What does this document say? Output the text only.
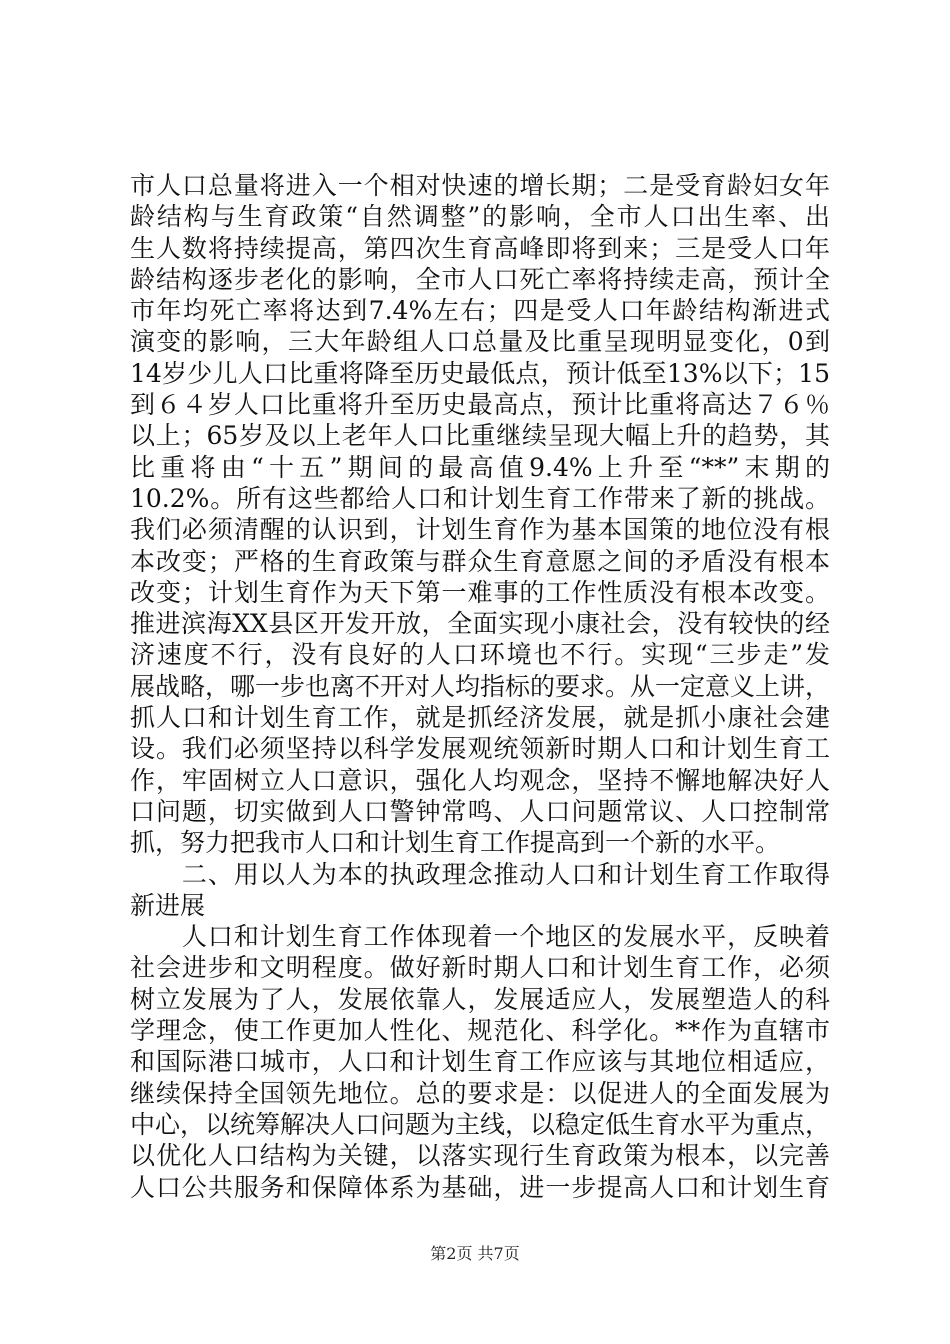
市人口总量将进入一个相对快速的增长期；二是受育龄妇女年
龄结构与生育政策“自然调整”的影响，全市人口出生率、出
生人数将持续提高，第四次生育高峰即将到来；三是受人口年
龄结构逐步老化的影响，全市人口死亡率将持续走高，预计全
市年均死亡率将达到7.4%左右；四是受人口年龄结构渐进式
演变的影响，三大年龄组人口总量及比重呈现明显变化，0到
14岁少儿人口比重将降至历史最低点，预计低至13%以下；15
到６４岁人口比重将升至历史最高点，预计比重将高达７６％
以上；65岁及以上老年人口比重继续呈现大幅上升的趋势，其
比重将由“十五”期间的最高值9.4%上升至“**”末期的
10.2%。所有这些都给人口和计划生育工作带来了新的挑战。
我们必须清醒的认识到，计划生育作为基本国策的地位没有根
本改变；严格的生育政策与群众生育意愿之间的矛盾没有根本
改变；计划生育作为天下第一难事的工作性质没有根本改变。
推进滨海XX县区开发开放，全面实现小康社会，没有较快的经
济速度不行，没有良好的人口环境也不行。实现“三步走”发
展战略，哪一步也离不开对人均指标的要求。从一定意义上讲，
抓人口和计划生育工作，就是抓经济发展，就是抓小康社会建
设。我们必须坚持以科学发展观统领新时期人口和计划生育工
作，牢固树立人口意识，强化人均观念，坚持不懈地解决好人
口问题，切实做到人口警钟常鸣、人口问题常议、人口控制常
抓，努力把我市人口和计划生育工作提高到一个新的水平。
　　二、用以人为本的执政理念推动人口和计划生育工作取得
新进展
　　人口和计划生育工作体现着一个地区的发展水平，反映着
社会进步和文明程度。做好新时期人口和计划生育工作，必须
树立发展为了人，发展依靠人，发展适应人，发展塑造人的科
学理念，使工作更加人性化、规范化、科学化。**作为直辖市
和国际港口城市，人口和计划生育工作应该与其地位相适应，
继续保持全国领先地位。总的要求是：以促进人的全面发展为
中心，以统筹解决人口问题为主线，以稳定低生育水平为重点，
以优化人口结构为关键，以落实现行生育政策为根本，以完善
人口公共服务和保障体系为基础，进一步提高人口和计划生育
第2页 共7页
